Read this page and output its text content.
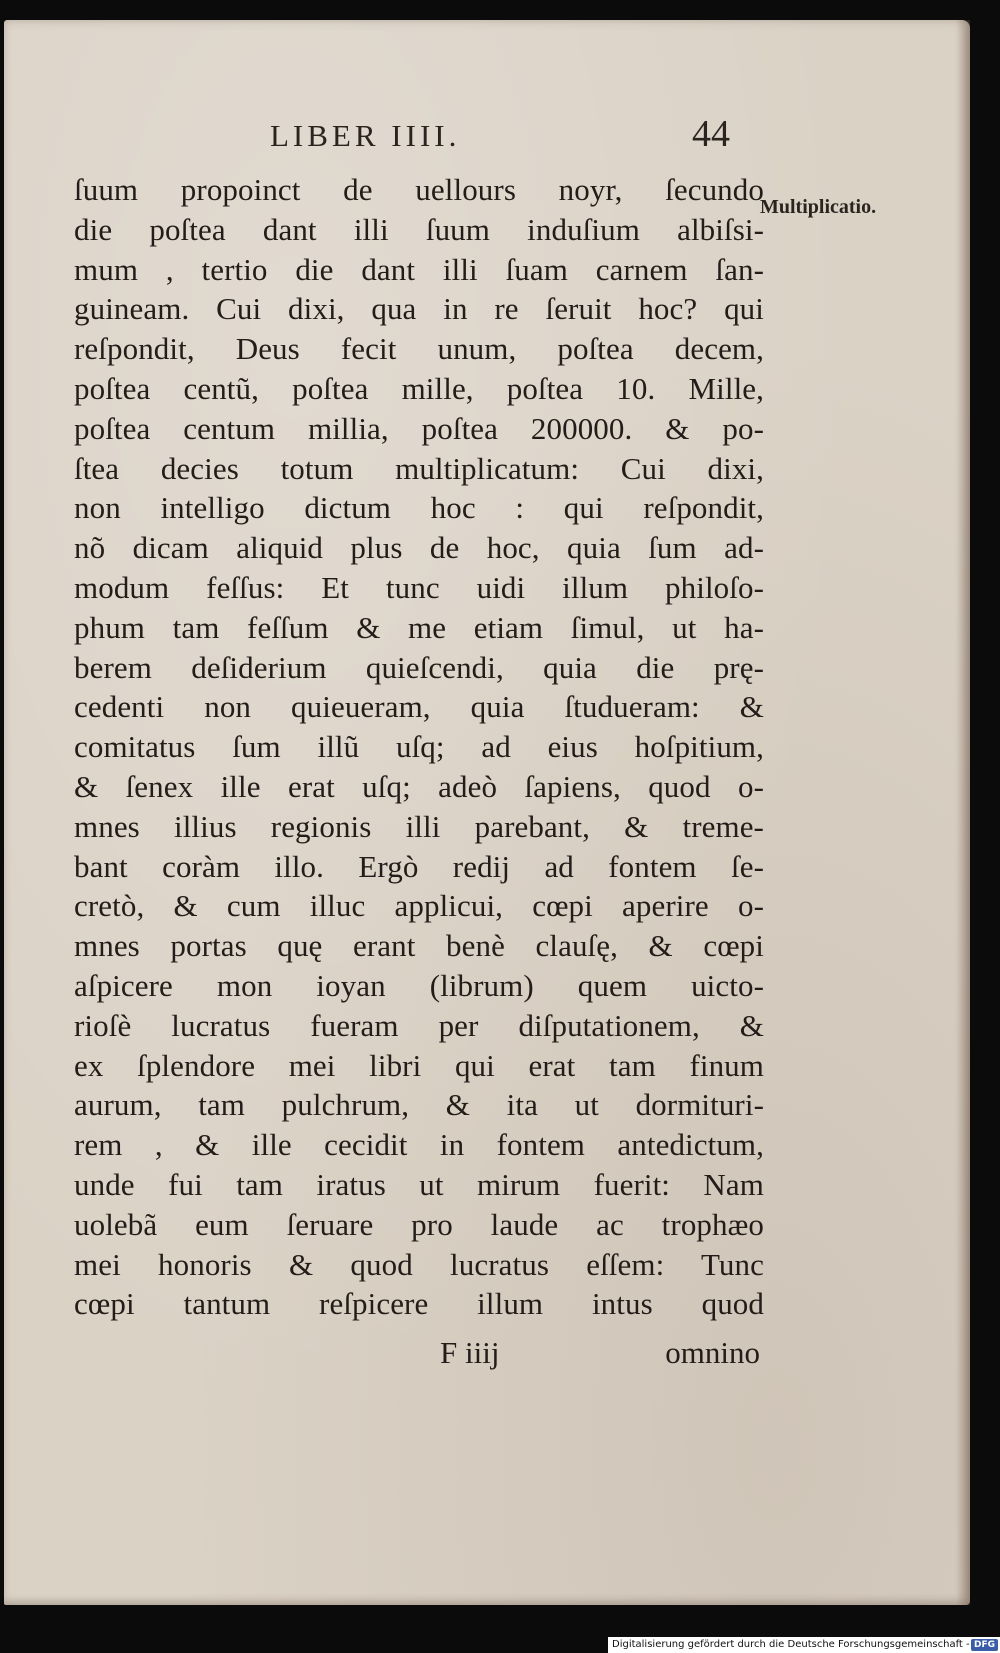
LIBER IIII.	44
Multiplicatio.
ſuum propoinct de uellours noyr, ſecundo
die poſtea dant illi ſuum induſium albiſsi-
mum , tertio die dant illi ſuam carnem ſan-
guineam. Cui dixi, qua in re ſeruit hoc? qui
reſpondit, Deus fecit unum, poſtea decem,
poſtea centũ, poſtea mille, poſtea 10. Mille,
poſtea centum millia, poſtea 200000. & po-
ſtea decies totum multiplicatum: Cui dixi,
non intelligo dictum hoc : qui reſpondit,
nõ dicam aliquid plus de hoc, quia ſum ad-
modum feſſus: Et tunc uidi illum philoſo-
phum tam feſſum & me etiam ſimul, ut ha-
berem deſiderium quieſcendi, quia die prę-
cedenti non quieueram, quia ſtudueram: &
comitatus ſum illũ uſq; ad eius hoſpitium,
& ſenex ille erat uſq; adeò ſapiens, quod o-
mnes illius regionis illi parebant, & treme-
bant coràm illo. Ergò redij ad fontem ſe-
cretò, & cum illuc applicui, cœpi aperire o-
mnes portas quę erant benè clauſę, & cœpi
aſpicere mon ioyan (librum) quem uicto-
rioſè lucratus fueram per diſputationem, &
ex ſplendore mei libri qui erat tam finum
aurum, tam pulchrum, & ita ut dormituri-
rem , & ille cecidit in fontem antedictum,
unde fui tam iratus ut mirum fuerit: Nam
uolebã eum ſeruare pro laude ac trophæo
mei honoris & quod lucratus eſſem: Tunc
cœpi tantum reſpicere illum intus quod
F iiij	omnino
Digitalisierung gefördert durch die Deutsche Forschungsgemeinschaft - DFG
